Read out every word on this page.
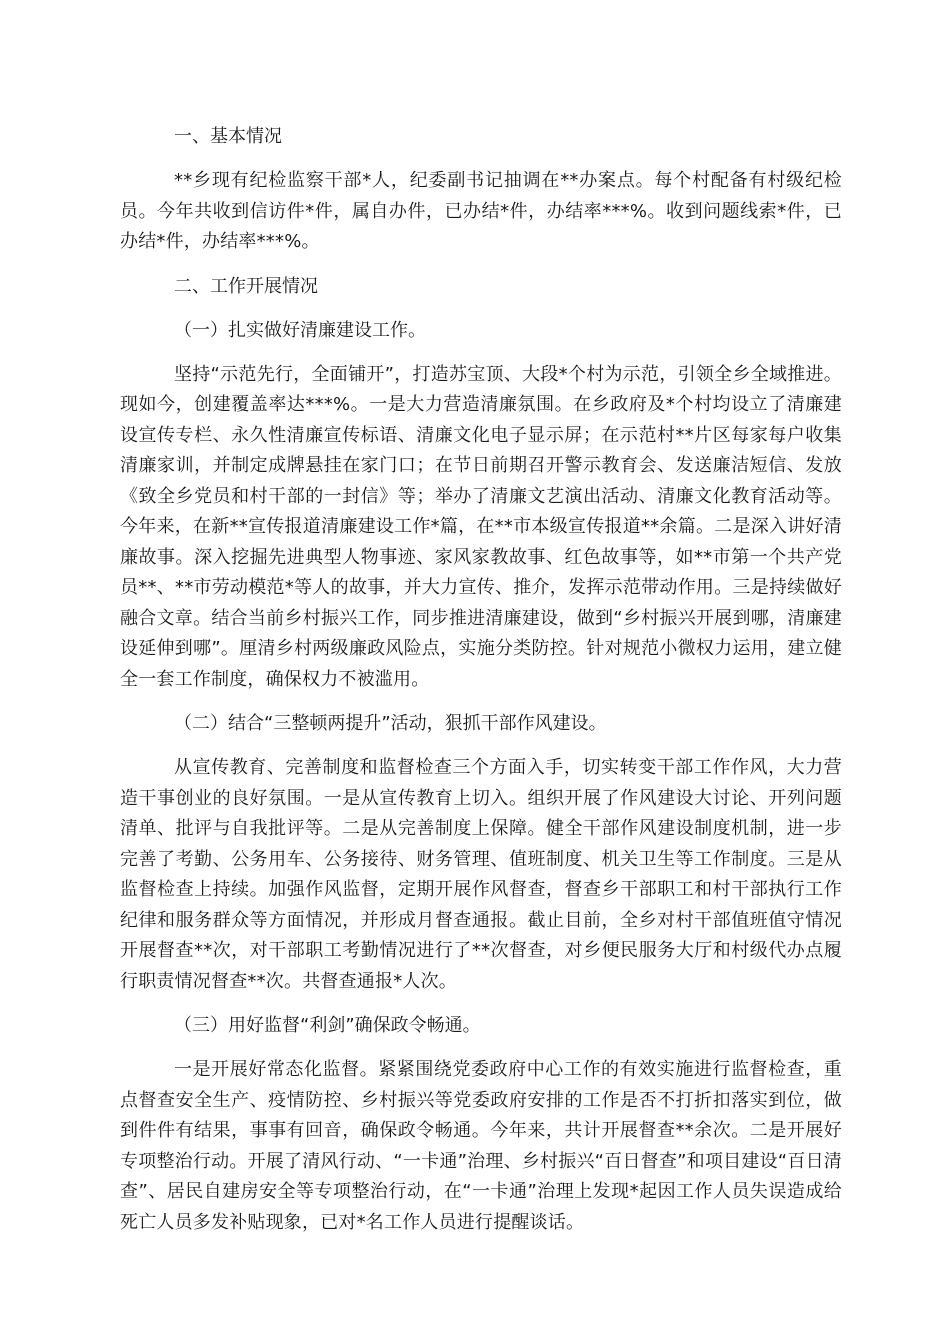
一、基本情况

**乡现有纪检监察干部*人，纪委副书记抽调在**办案点。每个村配备有村级纪检员。今年共收到信访件*件，属自办件，已办结*件，办结率***%。收到问题线索*件，已办结*件，办结率***%。

二、工作开展情况

（一）扎实做好清廉建设工作。

坚持“示范先行，全面铺开”，打造苏宝顶、大段*个村为示范，引领全乡全域推进。现如今，创建覆盖率达***%。一是大力营造清廉氛围。在乡政府及*个村均设立了清廉建设宣传专栏、永久性清廉宣传标语、清廉文化电子显示屏；在示范村**片区每家每户收集清廉家训，并制定成牌悬挂在家门口；在节日前期召开警示教育会、发送廉洁短信、发放《致全乡党员和村干部的一封信》等；举办了清廉文艺演出活动、清廉文化教育活动等。今年来，在新**宣传报道清廉建设工作*篇，在**市本级宣传报道**余篇。二是深入讲好清廉故事。深入挖掘先进典型人物事迹、家风家教故事、红色故事等，如**市第一个共产党员**、**市劳动模范*等人的故事，并大力宣传、推介，发挥示范带动作用。三是持续做好融合文章。结合当前乡村振兴工作，同步推进清廉建设，做到“乡村振兴开展到哪，清廉建设延伸到哪”。厘清乡村两级廉政风险点，实施分类防控。针对规范小微权力运用，建立健全一套工作制度，确保权力不被滥用。

（二）结合“三整顿两提升”活动，狠抓干部作风建设。

从宣传教育、完善制度和监督检查三个方面入手，切实转变干部工作作风，大力营造干事创业的良好氛围。一是从宣传教育上切入。组织开展了作风建设大讨论、开列问题清单、批评与自我批评等。二是从完善制度上保障。健全干部作风建设制度机制，进一步完善了考勤、公务用车、公务接待、财务管理、值班制度、机关卫生等工作制度。三是从监督检查上持续。加强作风监督，定期开展作风督查，督查乡干部职工和村干部执行工作纪律和服务群众等方面情况，并形成月督查通报。截止目前，全乡对村干部值班值守情况开展督查**次，对干部职工考勤情况进行了**次督查，对乡便民服务大厅和村级代办点履行职责情况督查**次。共督查通报*人次。

（三）用好监督“利剑”确保政令畅通。

一是开展好常态化监督。紧紧围绕党委政府中心工作的有效实施进行监督检查，重点督查安全生产、疫情防控、乡村振兴等党委政府安排的工作是否不打折扣落实到位，做到件件有结果，事事有回音，确保政令畅通。今年来，共计开展督查**余次。二是开展好专项整治行动。开展了清风行动、“一卡通”治理、乡村振兴“百日督查”和项目建设“百日清查”、居民自建房安全等专项整治行动，在“一卡通”治理上发现*起因工作人员失误造成给死亡人员多发补贴现象，已对*名工作人员进行提醒谈话。
